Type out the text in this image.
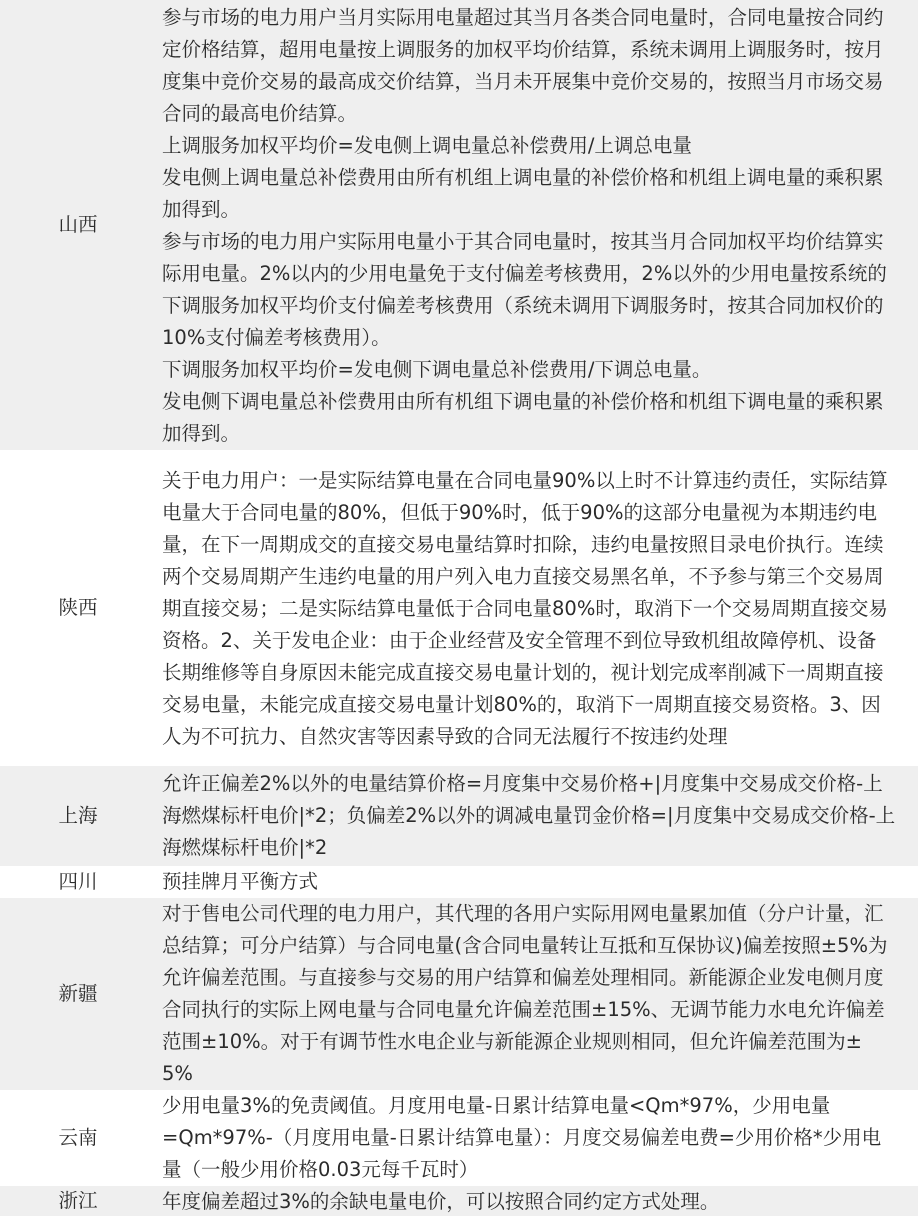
山西
参与市场的电力用户当月实际用电量超过其当月各类合同电量时，合同电量按合同约
定价格结算，超用电量按上调服务的加权平均价结算，系统未调用上调服务时，按月
度集中竞价交易的最高成交价结算，当月未开展集中竞价交易的，按照当月市场交易
合同的最高电价结算。
上调服务加权平均价=发电侧上调电量总补偿费用/上调总电量
发电侧上调电量总补偿费用由所有机组上调电量的补偿价格和机组上调电量的乘积累
加得到。
参与市场的电力用户实际用电量小于其合同电量时，按其当月合同加权平均价结算实
际用电量。2%以内的少用电量免于支付偏差考核费用，2%以外的少用电量按系统的
下调服务加权平均价支付偏差考核费用（系统未调用下调服务时，按其合同加权价的
10%支付偏差考核费用）。
下调服务加权平均价=发电侧下调电量总补偿费用/下调总电量。
发电侧下调电量总补偿费用由所有机组下调电量的补偿价格和机组下调电量的乘积累
加得到。
陕西
关于电力用户：一是实际结算电量在合同电量90%以上时不计算违约责任，实际结算
电量大于合同电量的80%，但低于90%时，低于90%的这部分电量视为本期违约电
量，在下一周期成交的直接交易电量结算时扣除，违约电量按照目录电价执行。连续
两个交易周期产生违约电量的用户列入电力直接交易黑名单，不予参与第三个交易周
期直接交易；二是实际结算电量低于合同电量80%时，取消下一个交易周期直接交易
资格。2、关于发电企业：由于企业经营及安全管理不到位导致机组故障停机、设备
长期维修等自身原因未能完成直接交易电量计划的，视计划完成率削减下一周期直接
交易电量，未能完成直接交易电量计划80%的，取消下一周期直接交易资格。3、因
人为不可抗力、自然灾害等因素导致的合同无法履行不按违约处理
上海
允许正偏差2%以外的电量结算价格=月度集中交易价格+|月度集中交易成交价格-上
海燃煤标杆电价|*2；负偏差2%以外的调减电量罚金价格=|月度集中交易成交价格-上
海燃煤标杆电价|*2
四川	预挂牌月平衡方式
新疆
对于售电公司代理的电力用户，其代理的各用户实际用网电量累加值（分户计量，汇
总结算；可分户结算）与合同电量(含合同电量转让互抵和互保协议)偏差按照±5%为
允许偏差范围。与直接参与交易的用户结算和偏差处理相同。新能源企业发电侧月度
合同执行的实际上网电量与合同电量允许偏差范围±15%、无调节能力水电允许偏差
范围±10%。对于有调节性水电企业与新能源企业规则相同，但允许偏差范围为±
5%
云南
少用电量3%的免责阈值。月度用电量-日累计结算电量<Qm*97%，少用电量
=Qm*97%-（月度用电量-日累计结算电量）：月度交易偏差电费=少用价格*少用电
量（一般少用价格0.03元每千瓦时）
浙江	年度偏差超过3%的余缺电量电价，可以按照合同约定方式处理。
